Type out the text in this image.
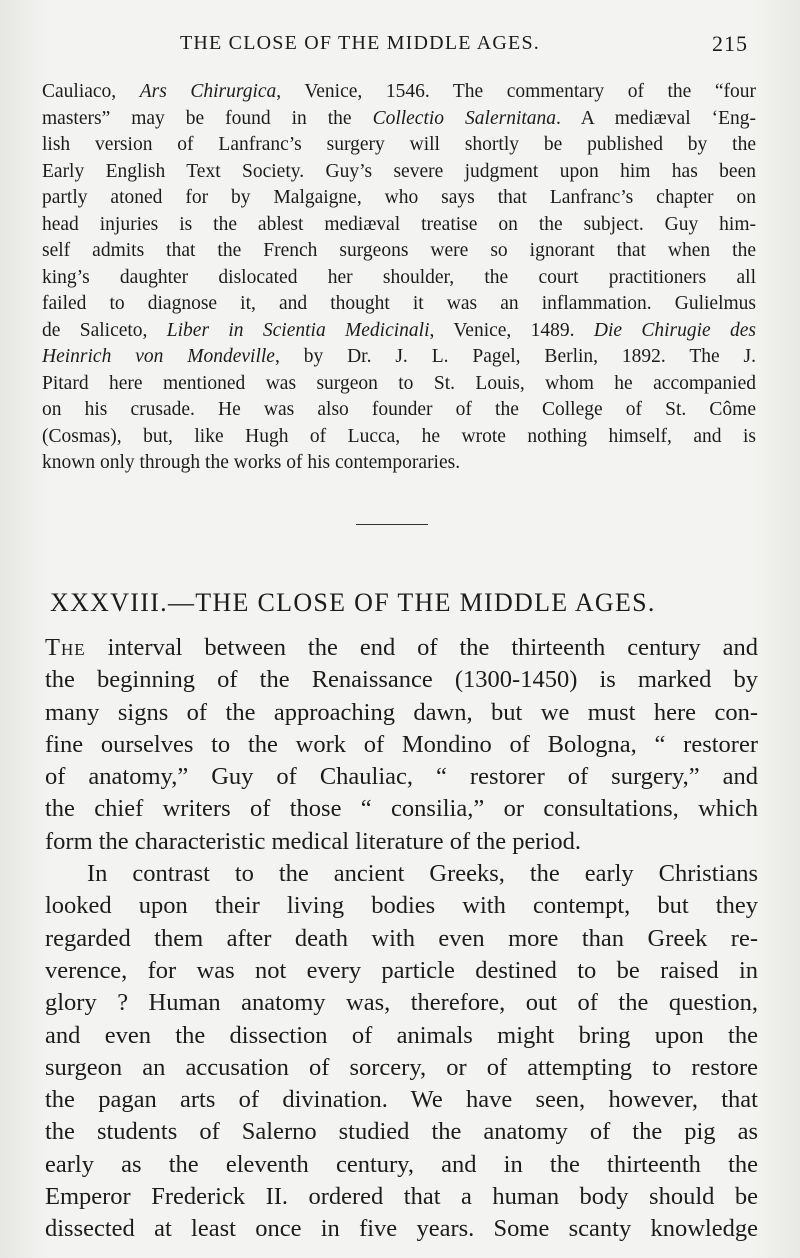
THE CLOSE OF THE MIDDLE AGES.	215
Cauliaco, Ars Chirurgica, Venice, 1546. The commentary of the “four
masters” may be found in the Collectio Salernitana. A mediæval ‘Eng-
lish version of Lanfranc’s surgery will shortly be published by the
Early English Text Society. Guy’s severe judgment upon him has been
partly atoned for by Malgaigne, who says that Lanfranc’s chapter on
head injuries is the ablest mediæval treatise on the subject. Guy him-
self admits that the French surgeons were so ignorant that when the
king’s daughter dislocated her shoulder, the court practitioners all
failed to diagnose it, and thought it was an inflammation. Gulielmus
de Saliceto, Liber in Scientia Medicinali, Venice, 1489. Die Chirugie des
Heinrich von Mondeville, by Dr. J. L. Pagel, Berlin, 1892. The J.
Pitard here mentioned was surgeon to St. Louis, whom he accompanied
on his crusade. He was also founder of the College of St. Côme
(Cosmas), but, like Hugh of Lucca, he wrote nothing himself, and is
known only through the works of his contemporaries.
XXXVIII.—THE CLOSE OF THE MIDDLE AGES.
The interval between the end of the thirteenth century and
the beginning of the Renaissance (1300-1450) is marked by
many signs of the approaching dawn, but we must here con-
fine ourselves to the work of Mondino of Bologna, “ restorer
of anatomy,” Guy of Chauliac, “ restorer of surgery,” and
the chief writers of those “ consilia,” or consultations, which
form the characteristic medical literature of the period.
In contrast to the ancient Greeks, the early Christians
looked upon their living bodies with contempt, but they
regarded them after death with even more than Greek re-
verence, for was not every particle destined to be raised in
glory ? Human anatomy was, therefore, out of the question,
and even the dissection of animals might bring upon the
surgeon an accusation of sorcery, or of attempting to restore
the pagan arts of divination. We have seen, however, that
the students of Salerno studied the anatomy of the pig as
early as the eleventh century, and in the thirteenth the
Emperor Frederick II. ordered that a human body should be
dissected at least once in five years. Some scanty knowledge
